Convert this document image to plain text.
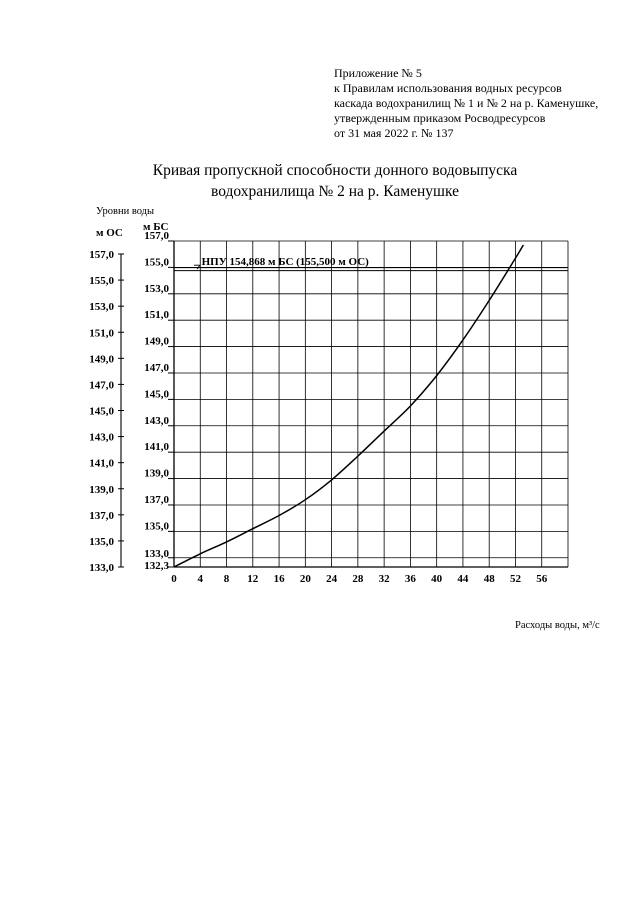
Приложение № 5
к Правилам использования водных ресурсов
каскада водохранилищ № 1 и № 2 на р. Каменушке,
утвержденным приказом Росводресурсов
от 31 мая 2022 г. № 137
Кривая пропускной способности донного водовыпуска
водохранилища № 2 на р. Каменушке
Уровни воды
м ОС м БС
157,0
155,0
153,0
151,0
149,0
147,0
145,0
143,0
141,0
139,0
137,0
135,0
133,0
132,3
157,0
155,0
153,0
151,0
149,0
147,0
145,0
143,0
141,0
139,0
137,0
135,0
133,0
0 4 8 12 16 20 24 28 32 36 40 44 48 52 56
НПУ 154,868 м БС (155,500 м ОС)
Расходы воды, м³/с
